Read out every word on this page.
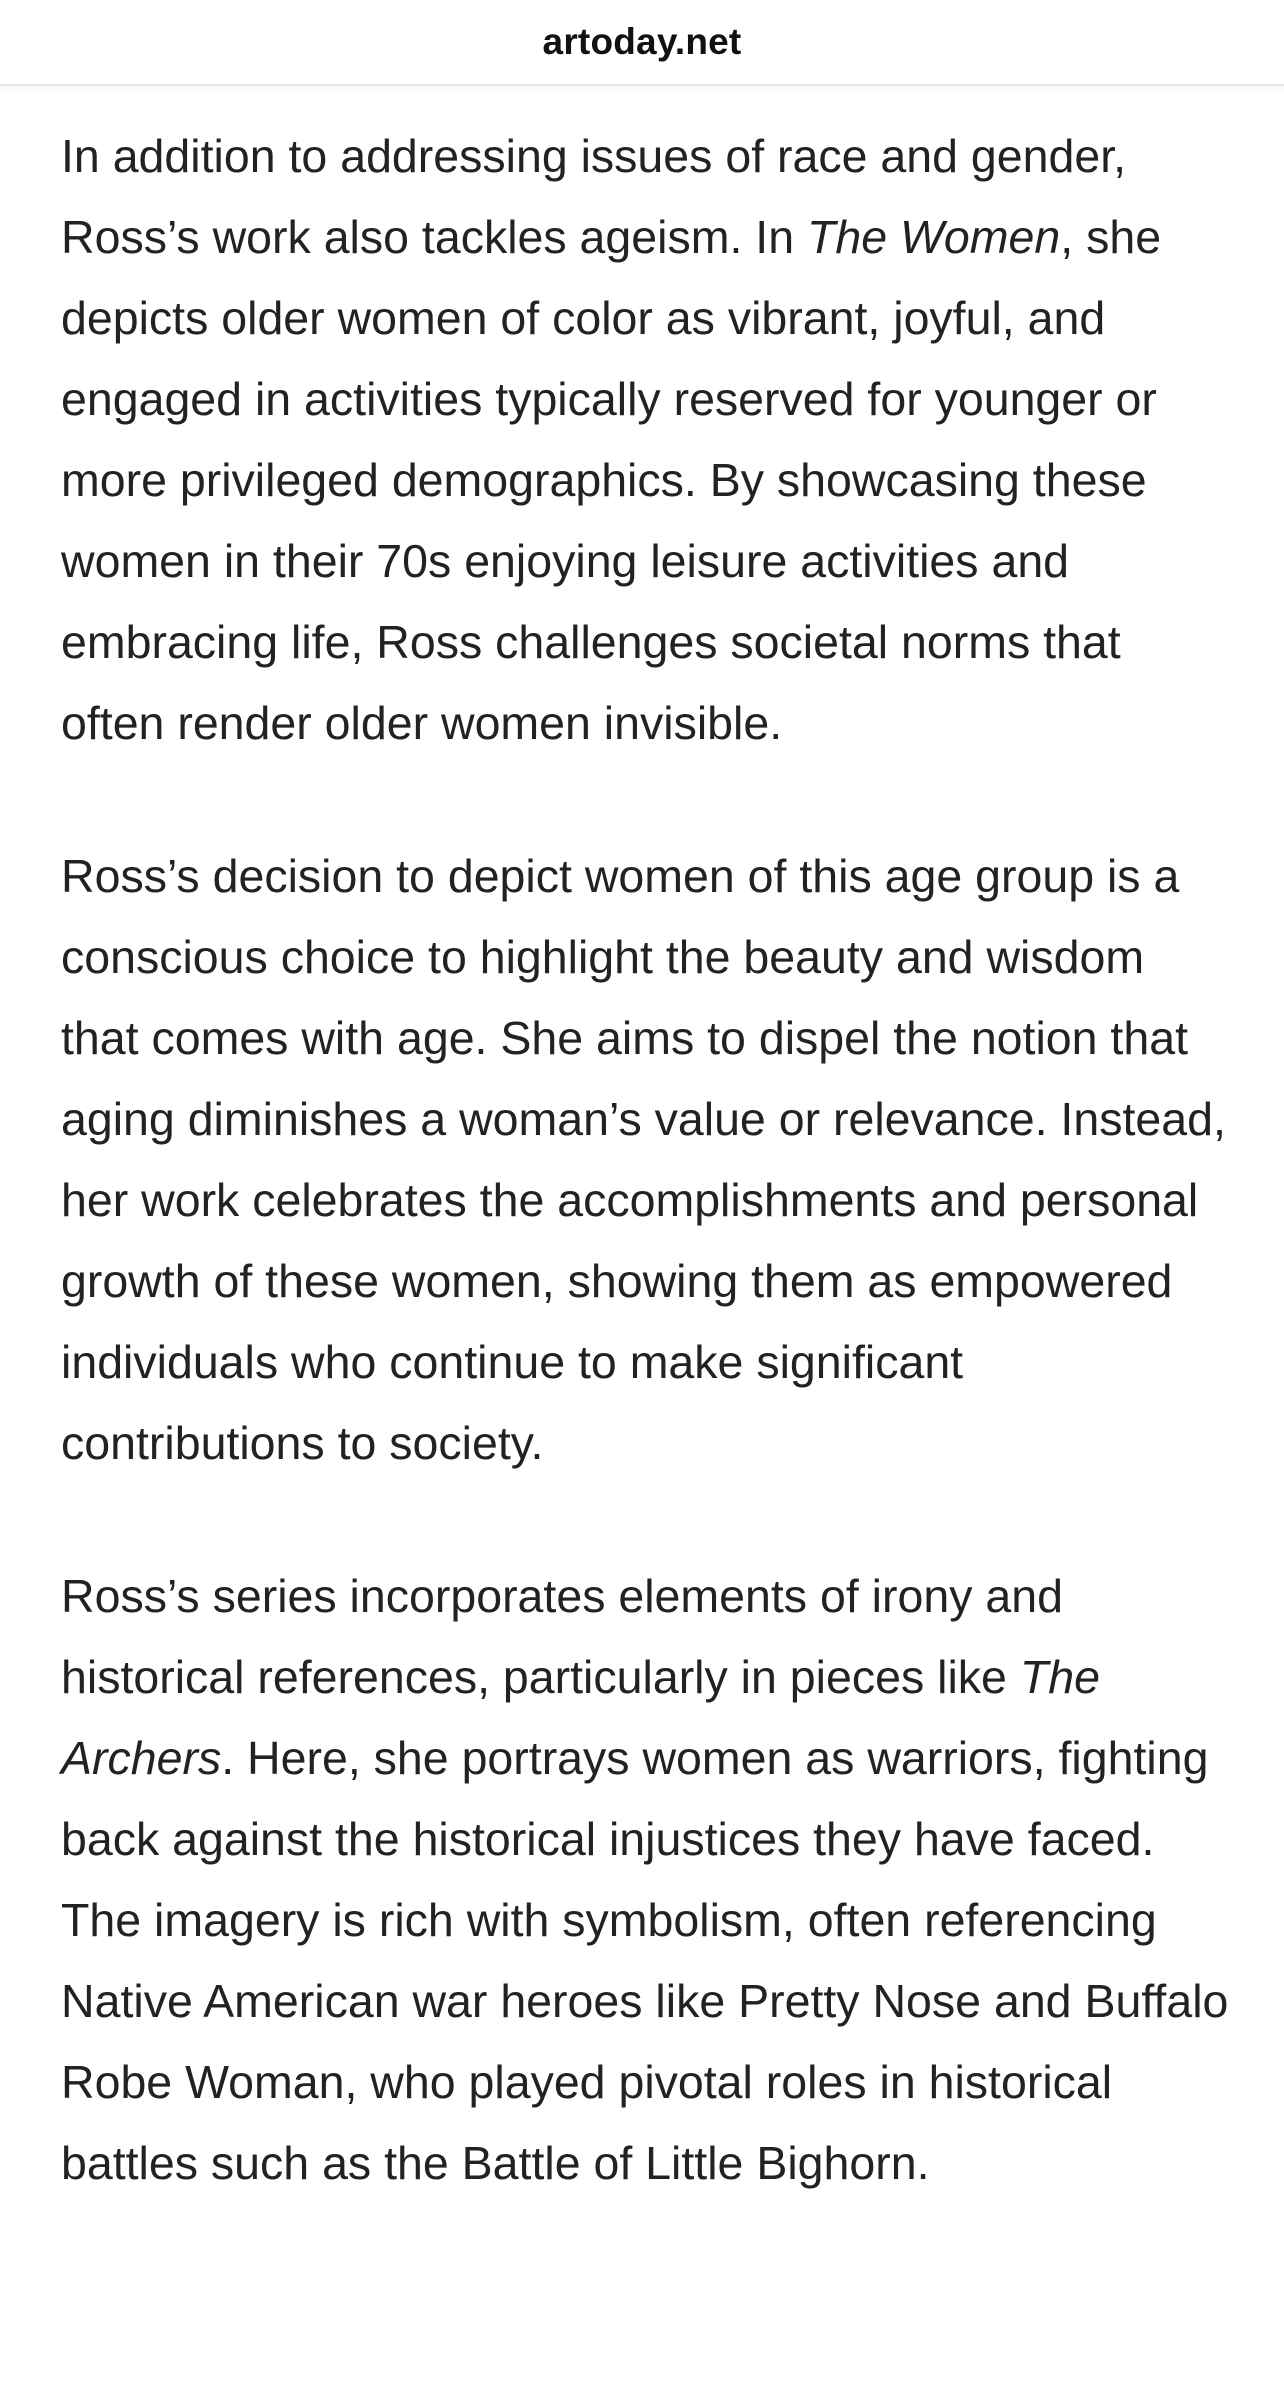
artoday.net

In addition to addressing issues of race and gender, Ross’s work also tackles ageism. In The Women, she depicts older women of color as vibrant, joyful, and engaged in activities typically reserved for younger or more privileged demographics. By showcasing these women in their 70s enjoying leisure activities and embracing life, Ross challenges societal norms that often render older women invisible.

Ross’s decision to depict women of this age group is a conscious choice to highlight the beauty and wisdom that comes with age. She aims to dispel the notion that aging diminishes a woman’s value or relevance. Instead, her work celebrates the accomplishments and personal growth of these women, showing them as empowered individuals who continue to make significant contributions to society.

Ross’s series incorporates elements of irony and historical references, particularly in pieces like The Archers. Here, she portrays women as warriors, fighting back against the historical injustices they have faced. The imagery is rich with symbolism, often referencing Native American war heroes like Pretty Nose and Buffalo Robe Woman, who played pivotal roles in historical battles such as the Battle of Little Bighorn.
